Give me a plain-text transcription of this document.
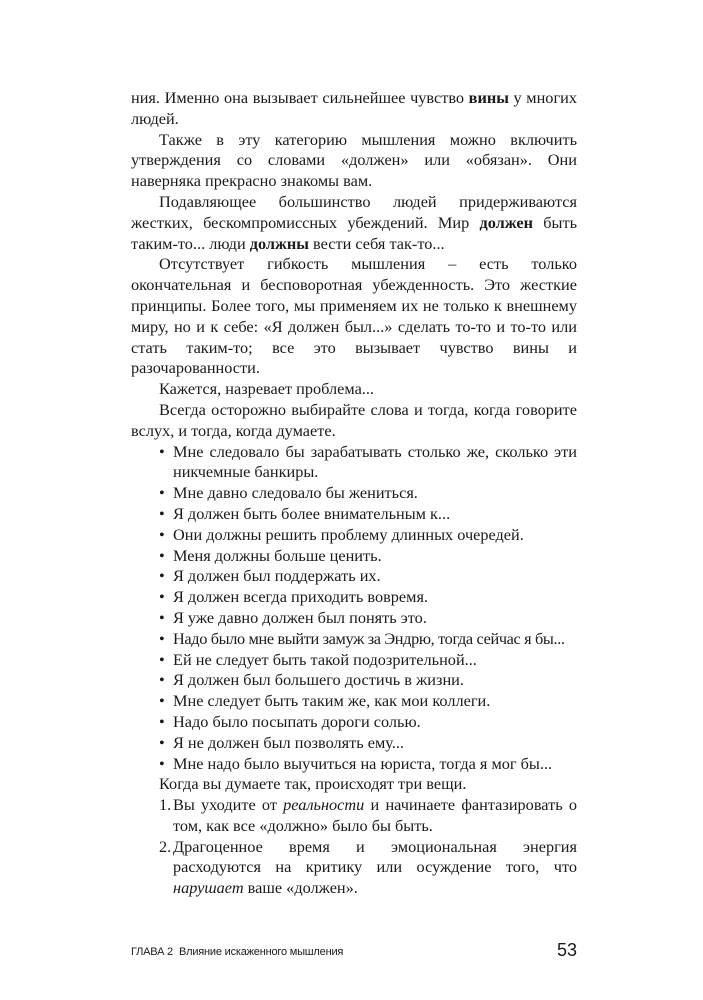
ния. Именно она вызывает сильнейшее чувство вины у многих людей.

Также в эту категорию мышления можно включить утверждения со словами «должен» или «обязан». Они наверняка прекрасно знакомы вам.

Подавляющее большинство людей придерживаются жестких, бескомпромиссных убеждений. Мир должен быть таким-то... люди должны вести себя так-то...

Отсутствует гибкость мышления – есть только окончательная и бесповоротная убежденность. Это жесткие принципы. Более того, мы применяем их не только к внешнему миру, но и к себе: «Я должен был...» сделать то-то и то-то или стать таким-то; все это вызывает чувство вины и разочарованности.

Кажется, назревает проблема...

Всегда осторожно выбирайте слова и тогда, когда говорите вслух, и тогда, когда думаете.

• Мне следовало бы зарабатывать столько же, сколько эти никчемные банкиры.
• Мне давно следовало бы жениться.
• Я должен быть более внимательным к...
• Они должны решить проблему длинных очередей.
• Меня должны больше ценить.
• Я должен был поддержать их.
• Я должен всегда приходить вовремя.
• Я уже давно должен был понять это.
• Надо было мне выйти замуж за Эндрю, тогда сейчас я бы...
• Ей не следует быть такой подозрительной...
• Я должен был большего достичь в жизни.
• Мне следует быть таким же, как мои коллеги.
• Надо было посыпать дороги солью.
• Я не должен был позволять ему...
• Мне надо было выучиться на юриста, тогда я мог бы...

Когда вы думаете так, происходят три вещи.

1. Вы уходите от реальности и начинаете фантазировать о том, как все «должно» было бы быть.
2. Драгоценное время и эмоциональная энергия расходуются на критику или осуждение того, что нарушает ваше «должен».
ГЛАВА 2 Влияние искаженного мышления	53
